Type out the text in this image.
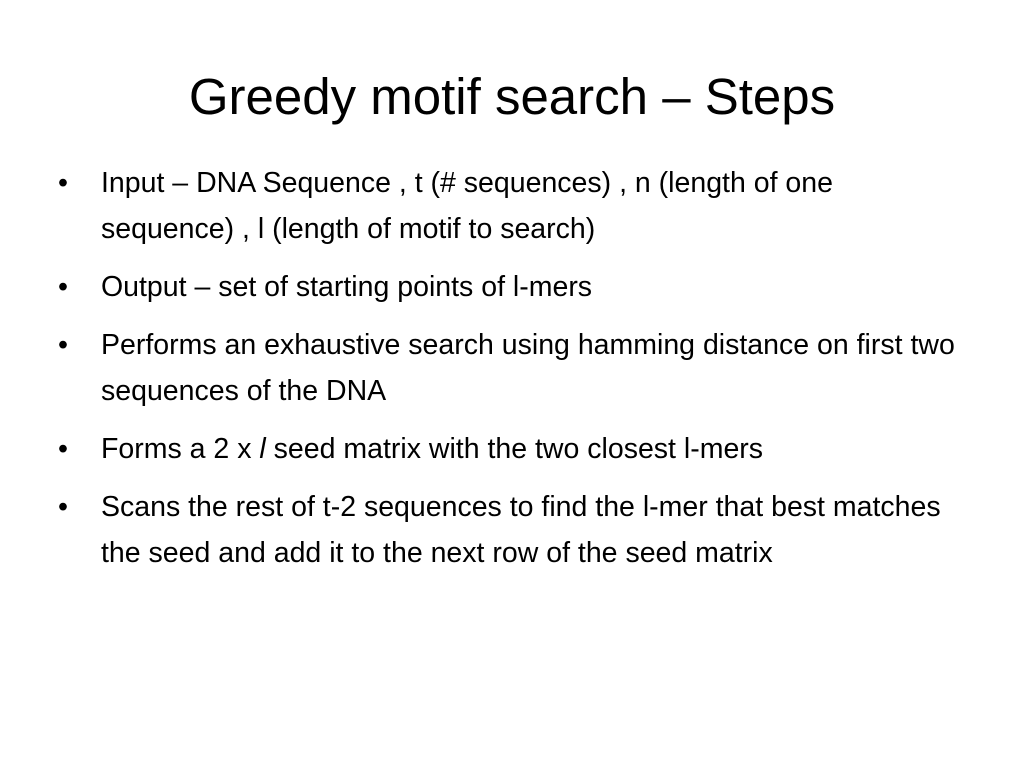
Greedy motif search – Steps
•	Input – DNA Sequence , t (# sequences) , n (length of one sequence) , l (length of motif to search)
•	Output – set of starting points of l-mers
•	Performs an exhaustive search using hamming distance on first two sequences of the DNA
•	Forms a 2 x l seed matrix with the two closest l-mers
•	Scans the rest of t-2 sequences to find the l-mer that best matches the seed and add it to the next row of the seed matrix
